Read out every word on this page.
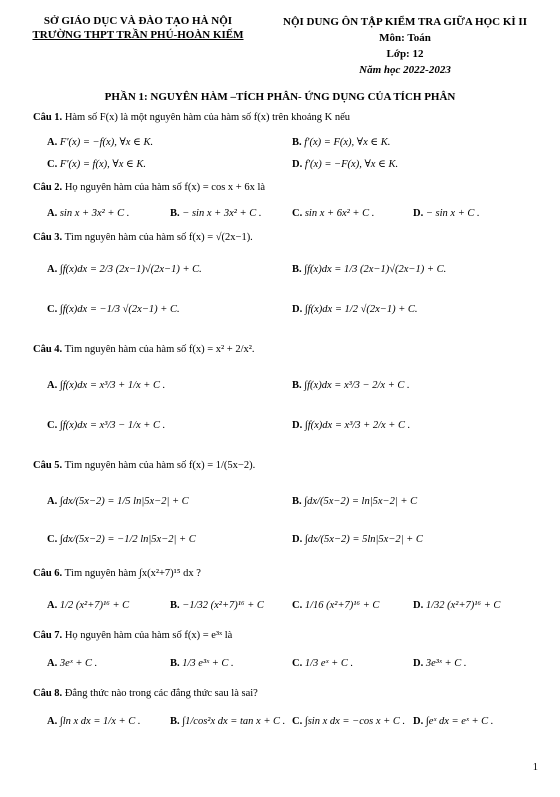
SỞ GIÁO DỤC VÀ ĐÀO TẠO HÀ NỘI
TRƯỜNG THPT TRẦN PHÚ-HOÀN KIẾM
NỘI DUNG ÔN TẬP KIỂM TRA GIỮA HỌC KÌ II
Môn: Toán
Lớp: 12
Năm học 2022-2023
PHẦN 1: NGUYÊN HÀM –TÍCH PHÂN- ỨNG DỤNG CỦA TÍCH PHÂN
Câu 1. Hàm số F(x) là một nguyên hàm của hàm số f(x) trên khoảng K nếu
A. F′(x) = −f(x), ∀x ∈ K.	B. f′(x) = F(x), ∀x ∈ K.
C. F′(x) = f(x), ∀x ∈ K.	D. f′(x) = −F(x), ∀x ∈ K.
Câu 2. Họ nguyên hàm của hàm số f(x) = cos x + 6x là
A. sin x + 3x² + C .	B. − sin x + 3x² + C .	C. sin x + 6x² + C .	D. − sin x + C .
Câu 3. Tìm nguyên hàm của hàm số f(x) = √(2x−1).
A. ∫f(x)dx = 2/3 (2x−1)√(2x−1) + C.	B. ∫f(x)dx = 1/3 (2x−1)√(2x−1) + C.
C. ∫f(x)dx = −1/3 √(2x−1) + C.	D. ∫f(x)dx = 1/2 √(2x−1) + C.
Câu 4. Tìm nguyên hàm của hàm số f(x) = x² + 2/x².
A. ∫f(x)dx = x³/3 + 1/x + C .	B. ∫f(x)dx = x³/3 − 2/x + C .
C. ∫f(x)dx = x³/3 − 1/x + C .	D. ∫f(x)dx = x³/3 + 2/x + C .
Câu 5. Tìm nguyên hàm của hàm số f(x) = 1/(5x−2).
A. ∫dx/(5x−2) = 1/5 ln|5x−2| + C	B. ∫dx/(5x−2) = ln|5x−2| + C
C. ∫dx/(5x−2) = −1/2 ln|5x−2| + C	D. ∫dx/(5x−2) = 5ln|5x−2| + C
Câu 6. Tìm nguyên hàm ∫x(x²+7)¹⁵ dx ?
A. 1/2 (x²+7)¹⁶ + C	B. −1/32 (x²+7)¹⁶ + C	C. 1/16 (x²+7)¹⁶ + C	D. 1/32 (x²+7)¹⁶ + C
Câu 7. Họ nguyên hàm của hàm số f(x) = e³ˣ là
A. 3eˣ + C .	B. 1/3 e³ˣ + C .	C. 1/3 eˣ + C .	D. 3e³ˣ + C .
Câu 8. Đẳng thức nào trong các đẳng thức sau là sai?
A. ∫ln x dx = 1/x + C .	B. ∫1/cos²x dx = tan x + C . C. ∫sin x dx = −cos x + C . D. ∫eˣ dx = eˣ + C .
1
